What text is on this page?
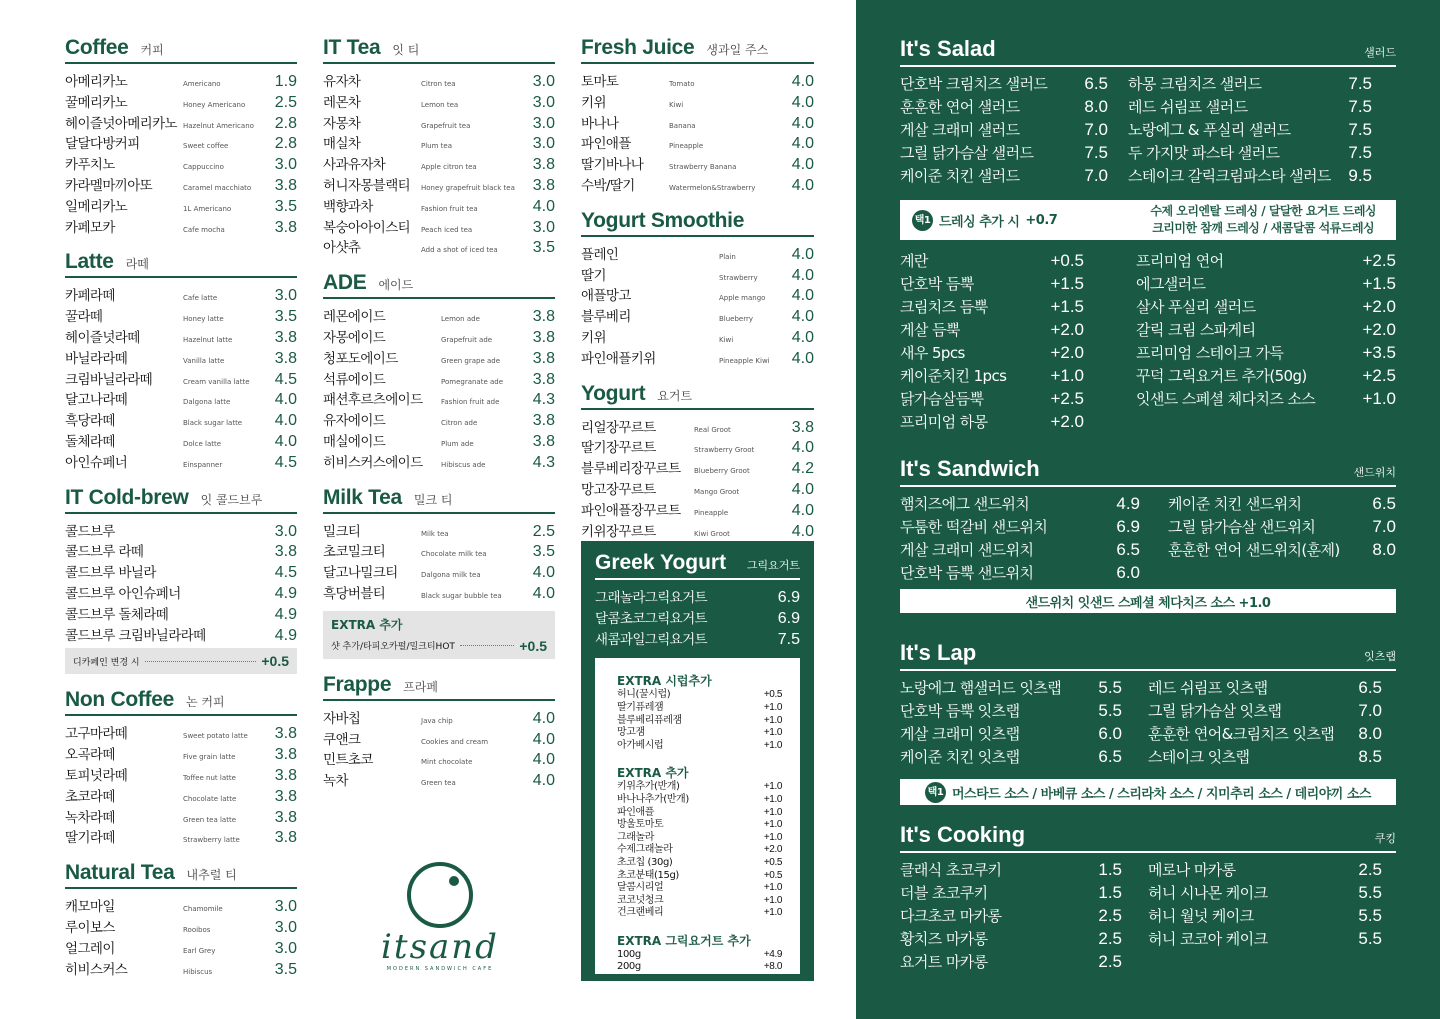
Coffee 커피
아메리카노	Americano	1.9
꿀메리카노	Honey Americano	2.5
헤이즐넛아메리카노 Hazelnut Americano	2.8
달달다방커피	Sweet coffee	2.8
카푸치노	Cappuccino	3.0
카라멜마끼아또	Caramel macchiato	3.8
일메리카노	1L Americano	3.5
카페모카	Cafe mocha	3.8
Latte 라떼
카페라떼	Cafe latte	3.0
꿀라떼	Honey latte	3.5
헤이즐넛라떼	Hazelnut latte	3.8
바닐라라떼	Vanilla latte	3.8
크림바닐라라떼	Cream vanilla latte	4.5
달고나라떼	Dalgona latte	4.0
흑당라떼	Black sugar latte	4.0
돌체라떼	Dolce latte	4.0
아인슈페너	Einspanner	4.5
IT Cold-brew 잇 콜드브루
콜드브루	3.0
콜드브루 라떼	3.8
콜드브루 바닐라	4.5
콜드브루 아인슈페너	4.9
콜드브루 돌체라떼	4.9
콜드브루 크림바닐라라떼	4.9
디카페인 변경 시	+0.5
Non Coffee 논 커피
고구마라떼	Sweet potato latte	3.8
오곡라떼	Five grain latte	3.8
토피넛라떼	Toffee nut latte	3.8
초코라떼	Chocolate latte	3.8
녹차라떼	Green tea latte	3.8
딸기라떼	Strawberry latte	3.8
Natural Tea 내추럴 티
캐모마일	Chamomile	3.0
루이보스	Rooibos	3.0
얼그레이	Earl Grey	3.0
히비스커스	Hibiscus	3.5
IT Tea 잇 티
유자차	Citron tea	3.0
레몬차	Lemon tea	3.0
자몽차	Grapefruit tea	3.0
매실차	Plum tea	3.0
사과유자차	Apple citron tea	3.8
허니자몽블랙티	Honey grapefruit black tea	3.8
백향과차	Fashion fruit tea	4.0
복숭아아이스티	Peach iced tea	3.0
아샷츄	Add a shot of iced tea	3.5
ADE 에이드
레몬에이드	Lemon ade	3.8
자몽에이드	Grapefruit ade	3.8
청포도에이드	Green grape ade	3.8
석류에이드	Pomegranate ade	3.8
패션후르츠에이드	Fashion fruit ade	4.3
유자에이드	Citron ade	3.8
매실에이드	Plum ade	3.8
히비스커스에이드	Hibiscus ade	4.3
Milk Tea 밀크 티
밀크티	Milk tea	2.5
초코밀크티	Chocolate milk tea	3.5
달고나밀크티	Dalgona milk tea	4.0
흑당버블티	Black sugar bubble tea	4.0
EXTRA 추가
샷 추가/타피오카펄/밀크티HOT	+0.5
Frappe 프라페
자바칩	Java chip	4.0
쿠앤크	Cookies and cream	4.0
민트초코	Mint chocolate	4.0
녹차	Green tea	4.0
itsand
MODERN SANDWICH CAFE
Fresh Juice 생과일 주스
토마토	Tomato	4.0
키위	Kiwi	4.0
바나나	Banana	4.0
파인애플	Pineapple	4.0
딸기바나나	Strawberry Banana	4.0
수박/딸기	Watermelon&Strawberry	4.0
Yogurt Smoothie
플레인	Plain	4.0
딸기	Strawberry	4.0
애플망고	Apple mango	4.0
블루베리	Blueberry	4.0
키위	Kiwi	4.0
파인애플키위	Pineapple Kiwi	4.0
Yogurt 요거트
리얼장꾸르트	Real Groot	3.8
딸기장꾸르트	Strawberry Groot	4.0
블루베리장꾸르트	Blueberry Groot	4.2
망고장꾸르트	Mango Groot	4.0
파인애플장꾸르트	Pineapple	4.0
키위장꾸르트	Kiwi Groot	4.0
Greek Yogurt 그릭요거트
그래놀라그릭요거트	6.9
달콤초코그릭요거트	6.9
새콤과일그릭요거트	7.5
EXTRA 시럽추가
허니(꿀시럽)	+0.5
딸기퓨레잼	+1.0
블루베리퓨레잼	+1.0
망고잼	+1.0
아가베시럽	+1.0
EXTRA 추가
키위추가(반개)	+1.0
바나나추가(반개)	+1.0
파인애플	+1.0
방울토마토	+1.0
그래놀라	+1.0
수제그래놀라	+2.0
초코칩 (30g)	+0.5
초코분태(15g)	+0.5
달콤시리얼	+1.0
코코넛청크	+1.0
건크랜베리	+1.0
EXTRA 그릭요거트 추가
100g	+4.9
200g	+8.0
It's Salad	샐러드
단호박 크림치즈 샐러드 6.5
훈훈한 연어 샐러드	8.0
게살 크래미 샐러드	7.0
그릴 닭가슴살 샐러드	7.5
케이준 치킨 샐러드	7.0
하몽 크림치즈 샐러드	7.5
레드 쉬림프 샐러드	7.5
노랑에그 & 푸실리 샐러드	7.5
두 가지맛 파스타 샐러드	7.5
스테이크 갈릭크림파스타 샐러드 9.5
택1 드레싱 추가 시 +0.7
수제 오리엔탈 드레싱 / 달달한 요거트 드레싱
크리미한 참깨 드레싱 / 새콤달콤 석류드레싱
계란	+0.5
단호박 듬뿍	+1.5
크림치즈 듬뿍	+1.5
게살 듬뿍	+2.0
새우 5pcs	+2.0
케이준치킨 1pcs	+1.0
닭가슴살듬뿍	+2.5
프리미엄 하몽	+2.0
프리미엄 연어	+2.5
에그샐러드	+1.5
살사 푸실리 샐러드	+2.0
갈릭 크림 스파게티	+2.0
프리미엄 스테이크 가득	+3.5
꾸덕 그릭요거트 추가(50g)	+2.5
잇샌드 스페셜 체다치즈 소스	+1.0
It's Sandwich	샌드위치
햄치즈에그 샌드위치	4.9
두툼한 떡갈비 샌드위치	6.9
게살 크래미 샌드위치	6.5
단호박 듬뿍 샌드위치	6.0
케이준 치킨 샌드위치	6.5
그릴 닭가슴살 샌드위치	7.0
훈훈한 연어 샌드위치(훈제) 8.0
샌드위치 잇샌드 스페셜 체다치즈 소스 +1.0
It's Lap	잇츠랩
노랑에그 햄샐러드 잇츠랩 5.5
단호박 듬뿍 잇츠랩	5.5
게살 크래미 잇츠랩	6.0
케이준 치킨 잇츠랩	6.5
레드 쉬림프 잇츠랩	6.5
그릴 닭가슴살 잇츠랩	7.0
훈훈한 연어&크림치즈 잇츠랩 8.0
스테이크 잇츠랩	8.5
택1 머스타드 소스 / 바베큐 소스 / 스리라차 소스 / 지미추리 소스 / 데리야끼 소스
It's Cooking	쿠킹
클래식 초코쿠키	1.5
더블 초코쿠키	1.5
다크초코 마카롱	2.5
황치즈 마카롱	2.5
요거트 마카롱	2.5
메로나 마카롱	2.5
허니 시나몬 케이크	5.5
허니 월넛 케이크	5.5
허니 코코아 케이크	5.5
